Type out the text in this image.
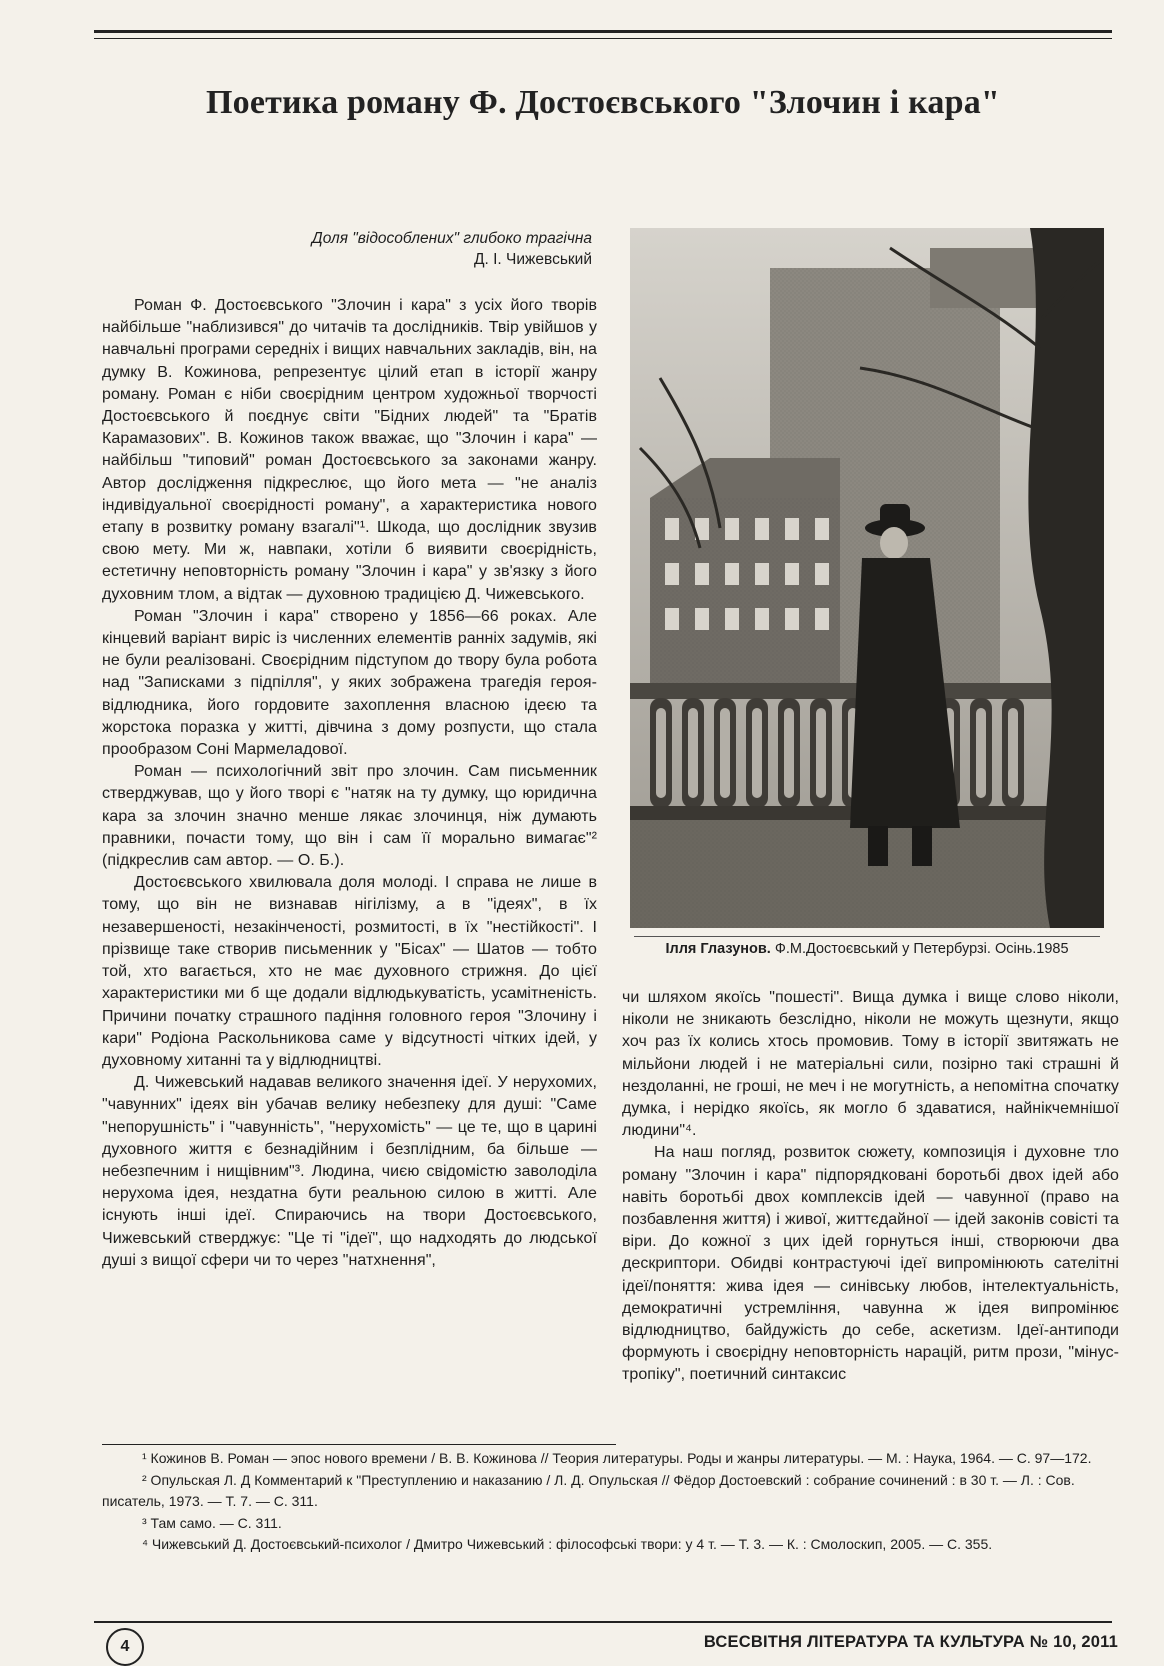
Поетика роману Ф. Достоєвського "Злочин і кара"
Доля "відособлених" глибоко трагічна
Д. І. Чижевський

Роман Ф. Достоєвського "Злочин і кара" з усіх його творів найбільше "наблизився" до читачів та дослідників. Твір увійшов у навчальні програми середніх і вищих навчальних закладів, він, на думку В. Кожинова, репрезентує цілий етап в історії жанру роману. Роман є ніби своєрідним центром художньої творчості Достоєвського й поєднує світи "Бідних людей" та "Братів Карамазових". В. Кожинов також вважає, що "Злочин і кара" — найбільш "типовий" роман Достоєвського за законами жанру. Автор дослідження підкреслює, що його мета — "не аналіз індивідуальної своєрідності роману", а характеристика нового етапу в розвитку роману взагалі"¹. Шкода, що дослідник звузив свою мету. Ми ж, навпаки, хотіли б виявити своєрідність, естетичну неповторність роману "Злочин і кара" у зв'язку з його духовним тлом, а відтак — духовною традицією Д. Чижевського.

Роман "Злочин і кара" створено у 1856—66 роках. Але кінцевий варіант виріс із численних елементів ранніх задумів, які не були реалізовані. Своєрідним підступом до твору була робота над "Записками з підпілля", у яких зображена трагедія героя-відлюдника, його гордовите захоплення власною ідеєю та жорстока поразка у житті, дівчина з дому розпусти, що стала прообразом Соні Мармеладової.

Роман — психологічний звіт про злочин. Сам письменник стверджував, що у його творі є "натяк на ту думку, що юридична кара за злочин значно менше лякає злочинця, ніж думають правники, почасти тому, що він і сам її морально вимагає"² (підкреслив сам автор. — О. Б.).

Достоєвського хвилювала доля молоді. І справа не лише в тому, що він не визнавав нігілізму, а в "ідеях", в їх незавершеності, незакінченості, розмитості, в їх "нестійкості". І прізвище таке створив письменник у "Бісах" — Шатов — тобто той, хто вагається, хто не має духовного стрижня. До цієї характеристики ми б ще додали відлюдькуватість, усамітненість. Причини початку страшного падіння головного героя "Злочину і кари" Родіона Раскольникова саме у відсутності чітких ідей, у духовному хитанні та у відлюдництві.

Д. Чижевський надавав великого значення ідеї. У нерухомих, "чавунних" ідеях він убачав велику небезпеку для душі: "Саме "непорушність" і "чавунність", "нерухомість" — це те, що в царині духовного життя є безнадійним і безплідним, ба більше — небезпечним і нищівним"³. Людина, чиєю свідомістю заволоділа нерухома ідея, нездатна бути реальною силою в житті. Але існують інші ідеї. Спираючись на твори Достоєвського, Чижевський стверджує: "Це ті "ідеї", що надходять до людської душі з вищої сфери чи то через "натхнення",

Ілля Глазунов. Ф.М.Достоєвський у Петербурзі. Осінь.1985

чи шляхом якоїсь "пошесті". Вища думка і вище слово ніколи, ніколи не зникають безслідно, ніколи не можуть щезнути, якщо хоч раз їх колись хтось промовив. Тому в історії звитяжать не мільйони людей і не матеріальні сили, позірно такі страшні й нездоланні, не гроші, не меч і не могутність, а непомітна спочатку думка, і нерідко якоїсь, як могло б здаватися, найнікчемнішої людини"⁴.

На наш погляд, розвиток сюжету, композиція і духовне тло роману "Злочин і кара" підпорядковані боротьбі двох ідей або навіть боротьбі двох комплексів ідей — чавунної (право на позбавлення життя) і живої, життєдайної — ідей законів совісті та віри. До кожної з цих ідей горнуться інші, створюючи два дескриптори. Обидві контрастуючі ідеї випромінюють сателітні ідеї/поняття: жива ідея — синівську любов, інтелектуальність, демократичні устремління, чавунна ж ідея випромінює відлюдництво, байдужість до себе, аскетизм. Ідеї-антиподи формують і своєрідну неповторність нарацій, ритм прози, "мінус-тропіку", поетичний синтаксис

¹ Кожинов В. Роман — эпос нового времени / В. В. Кожинова // Теория литературы. Роды и жанры литературы. — М. : Наука, 1964. — С. 97—172.

² Опульская Л. Д Комментарий к "Преступлению и наказанию / Л. Д. Опульская // Фёдор Достоевский : собрание сочинений : в 30 т. — Л. : Сов. писатель, 1973. — Т. 7. — С. 311.

³ Там само. — С. 311.

⁴ Чижевський Д. Достоєвський-психолог / Дмитро Чижевський : філософські твори: у 4 т. — Т. 3. — К. : Смолоскип, 2005. — С. 355.

4	ВСЕСВІТНЯ ЛІТЕРАТУРА ТА КУЛЬТУРА № 10, 2011
